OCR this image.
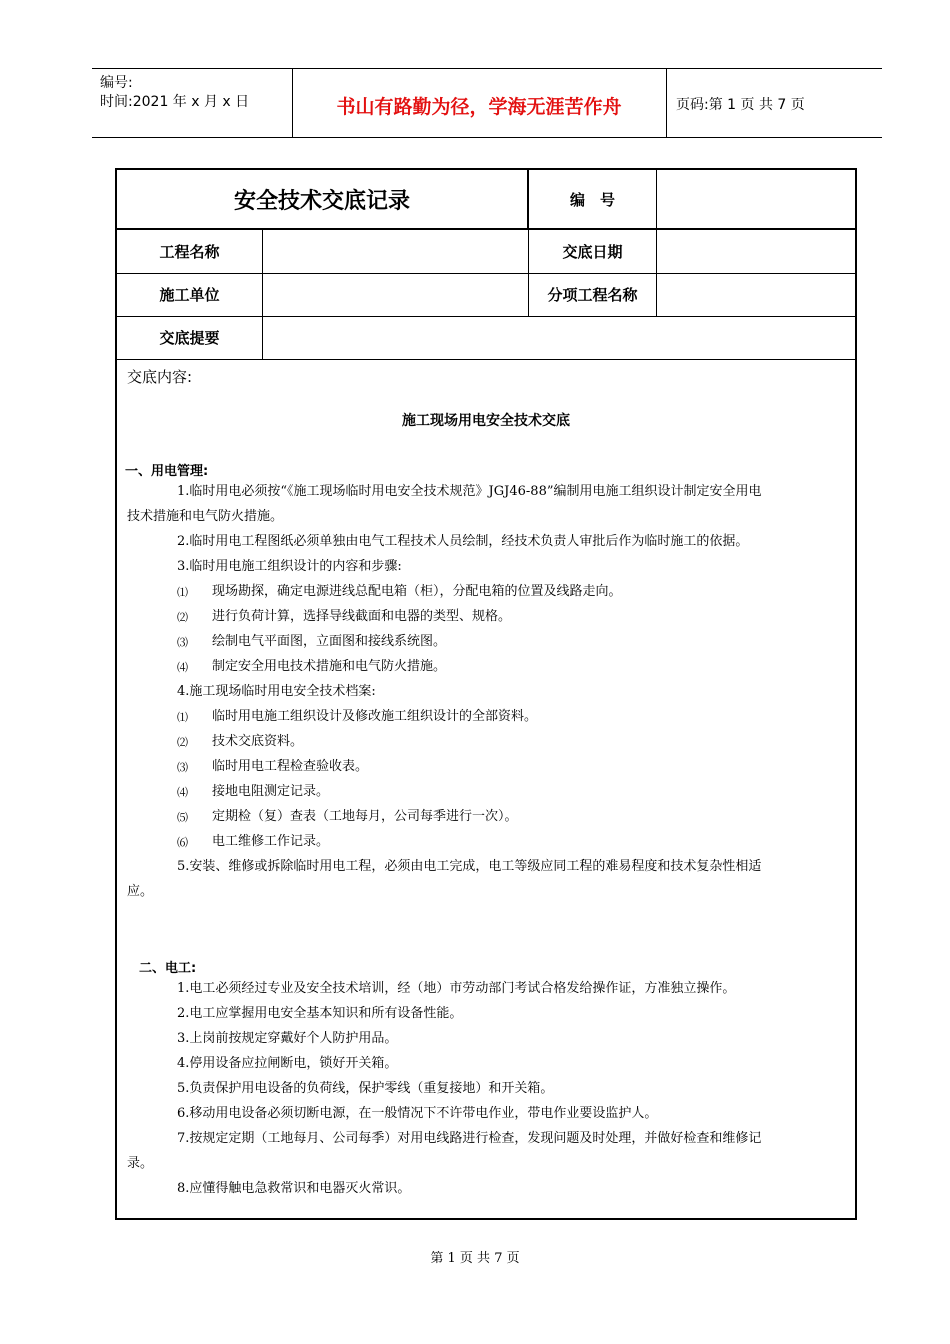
编号:
时间:2021 年 x 月 x 日	书山有路勤为径，学海无涯苦作舟	页码:第 1 页 共 7 页
安全技术交底记录	编　号
工程名称	交底日期
施工单位	分项工程名称
交底提要
交底内容:
施工现场用电安全技术交底
一、用电管理:
1.临时用电必须按“《施工现场临时用电安全技术规范》JGJ46-88”编制用电施工组织设计制定安全用电
技术措施和电气防火措施。
2.临时用电工程图纸必须单独由电气工程技术人员绘制，经技术负责人审批后作为临时施工的依据。
3.临时用电施工组织设计的内容和步骤:
⑴ 现场勘探，确定电源进线总配电箱（柜），分配电箱的位置及线路走向。
⑵ 进行负荷计算，选择导线截面和电器的类型、规格。
⑶ 绘制电气平面图，立面图和接线系统图。
⑷ 制定安全用电技术措施和电气防火措施。
4.施工现场临时用电安全技术档案:
⑴ 临时用电施工组织设计及修改施工组织设计的全部资料。
⑵ 技术交底资料。
⑶ 临时用电工程检查验收表。
⑷ 接地电阻测定记录。
⑸ 定期检（复）查表（工地每月，公司每季进行一次）。
⑹ 电工维修工作记录。
5.安装、维修或拆除临时用电工程，必须由电工完成，电工等级应同工程的难易程度和技术复杂性相适
应。
二、电工:
1.电工必须经过专业及安全技术培训，经（地）市劳动部门考试合格发给操作证，方准独立操作。
2.电工应掌握用电安全基本知识和所有设备性能。
3.上岗前按规定穿戴好个人防护用品。
4.停用设备应拉闸断电，锁好开关箱。
5.负责保护用电设备的负荷线，保护零线（重复接地）和开关箱。
6.移动用电设备必须切断电源，在一般情况下不许带电作业，带电作业要设监护人。
7.按规定定期（工地每月、公司每季）对用电线路进行检查，发现问题及时处理，并做好检查和维修记
录。
8.应懂得触电急救常识和电器灭火常识。
第 1 页 共 7 页
